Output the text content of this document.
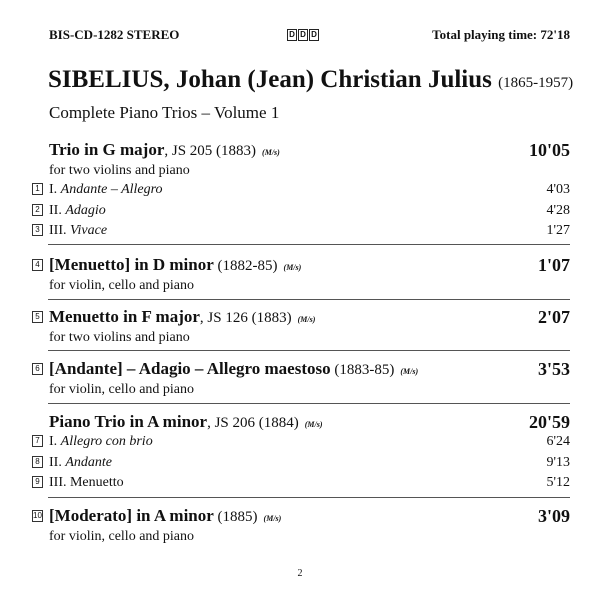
BIS-CD-1282 STEREO	D D D	Total playing time: 72'18
SIBELIUS, Johan (Jean) Christian Julius (1865-1957)
Complete Piano Trios – Volume 1
Trio in G major, JS 205 (1883) (M/s)	10'05
for two violins and piano
1 I. Andante – Allegro	4'03
2 II. Adagio	4'28
3 III. Vivace	1'27
4 [Menuetto] in D minor (1882-85) (M/s)	1'07
for violin, cello and piano
5 Menuetto in F major, JS 126 (1883) (M/s)	2'07
for two violins and piano
6 [Andante] – Adagio – Allegro maestoso (1883-85) (M/s)	3'53
for violin, cello and piano
Piano Trio in A minor, JS 206 (1884) (M/s)	20'59
7 I. Allegro con brio	6'24
8 II. Andante	9'13
9 III. Menuetto	5'12
10 [Moderato] in A minor (1885) (M/s)	3'09
for violin, cello and piano
2
